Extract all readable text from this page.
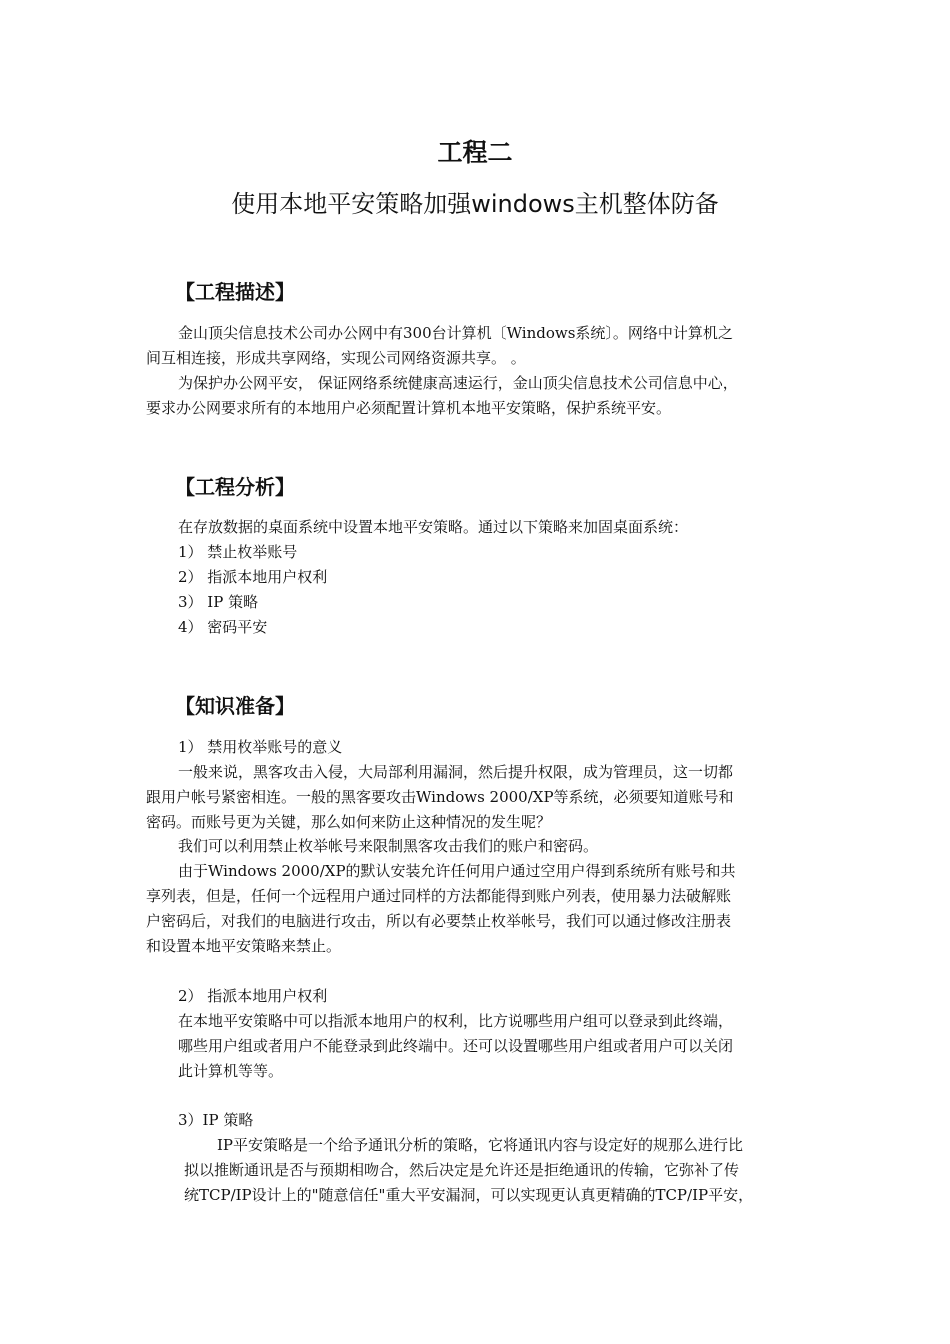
工程二
使用本地平安策略加强windows主机整体防备
【工程描述】
金山顶尖信息技术公司办公网中有300台计算机〔Windows系统〕。网络中计算机之
间互相连接，形成共享网络，实现公司网络资源共享。 。
为保护办公网平安， 保证网络系统健康高速运行，金山顶尖信息技术公司信息中心，
要求办公网要求所有的本地用户必须配置计算机本地平安策略，保护系统平安。
【工程分析】
在存放数据的桌面系统中设置本地平安策略。通过以下策略来加固桌面系统：
1） 禁止枚举账号
2） 指派本地用户权利
3） IP 策略
4） 密码平安
【知识准备】
1） 禁用枚举账号的意义
一般来说，黑客攻击入侵，大局部利用漏洞，然后提升权限，成为管理员，这一切都
跟用户帐号紧密相连。一般的黑客要攻击Windows 2000/XP等系统，必须要知道账号和
密码。而账号更为关键，那么如何来防止这种情况的发生呢？
我们可以利用禁止枚举帐号来限制黑客攻击我们的账户和密码。
由于Windows 2000/XP的默认安装允许任何用户通过空用户得到系统所有账号和共
享列表，但是，任何一个远程用户通过同样的方法都能得到账户列表，使用暴力法破解账
户密码后，对我们的电脑进行攻击，所以有必要禁止枚举帐号，我们可以通过修改注册表
和设置本地平安策略来禁止。
2） 指派本地用户权利
在本地平安策略中可以指派本地用户的权利，比方说哪些用户组可以登录到此终端，
哪些用户组或者用户不能登录到此终端中。还可以设置哪些用户组或者用户可以关闭
此计算机等等。
3）IP 策略
IP平安策略是一个给予通讯分析的策略，它将通讯内容与设定好的规那么进行比
拟以推断通讯是否与预期相吻合，然后决定是允许还是拒绝通讯的传输，它弥补了传
统TCP/IP设计上的"随意信任"重大平安漏洞，可以实现更认真更精确的TCP/IP平安，
